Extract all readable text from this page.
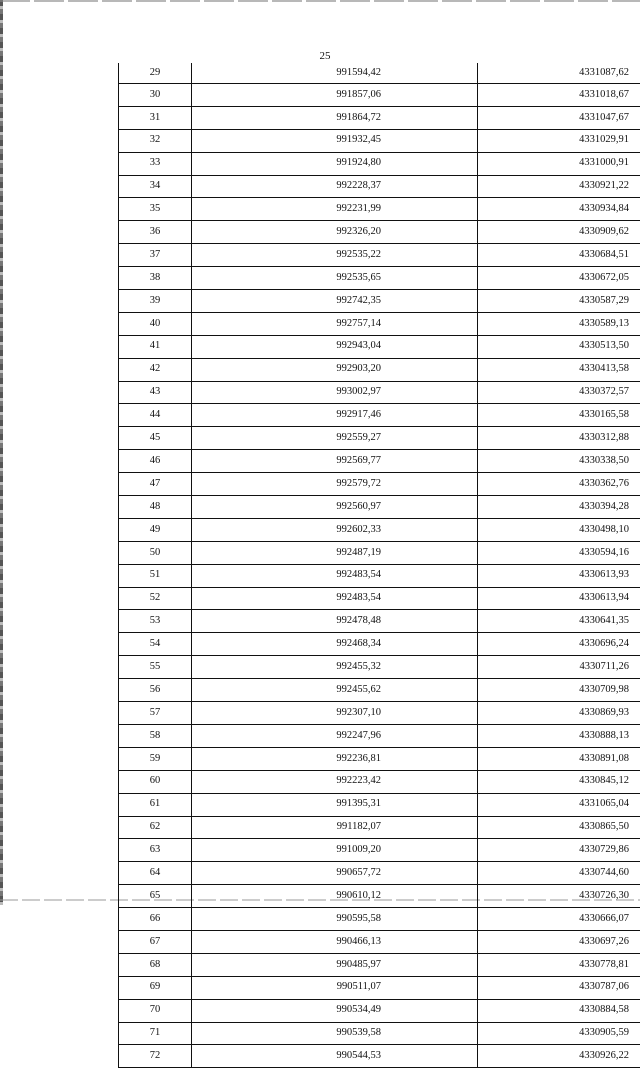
25
29	991594,42	4331087,62
30	991857,06	4331018,67
31	991864,72	4331047,67
32	991932,45	4331029,91
33	991924,80	4331000,91
34	992228,37	4330921,22
35	992231,99	4330934,84
36	992326,20	4330909,62
37	992535,22	4330684,51
38	992535,65	4330672,05
39	992742,35	4330587,29
40	992757,14	4330589,13
41	992943,04	4330513,50
42	992903,20	4330413,58
43	993002,97	4330372,57
44	992917,46	4330165,58
45	992559,27	4330312,88
46	992569,77	4330338,50
47	992579,72	4330362,76
48	992560,97	4330394,28
49	992602,33	4330498,10
50	992487,19	4330594,16
51	992483,54	4330613,93
52	992483,54	4330613,94
53	992478,48	4330641,35
54	992468,34	4330696,24
55	992455,32	4330711,26
56	992455,62	4330709,98
57	992307,10	4330869,93
58	992247,96	4330888,13
59	992236,81	4330891,08
60	992223,42	4330845,12
61	991395,31	4331065,04
62	991182,07	4330865,50
63	991009,20	4330729,86
64	990657,72	4330744,60
65	990610,12	4330726,30
66	990595,58	4330666,07
67	990466,13	4330697,26
68	990485,97	4330778,81
69	990511,07	4330787,06
70	990534,49	4330884,58
71	990539,58	4330905,59
72	990544,53	4330926,22
